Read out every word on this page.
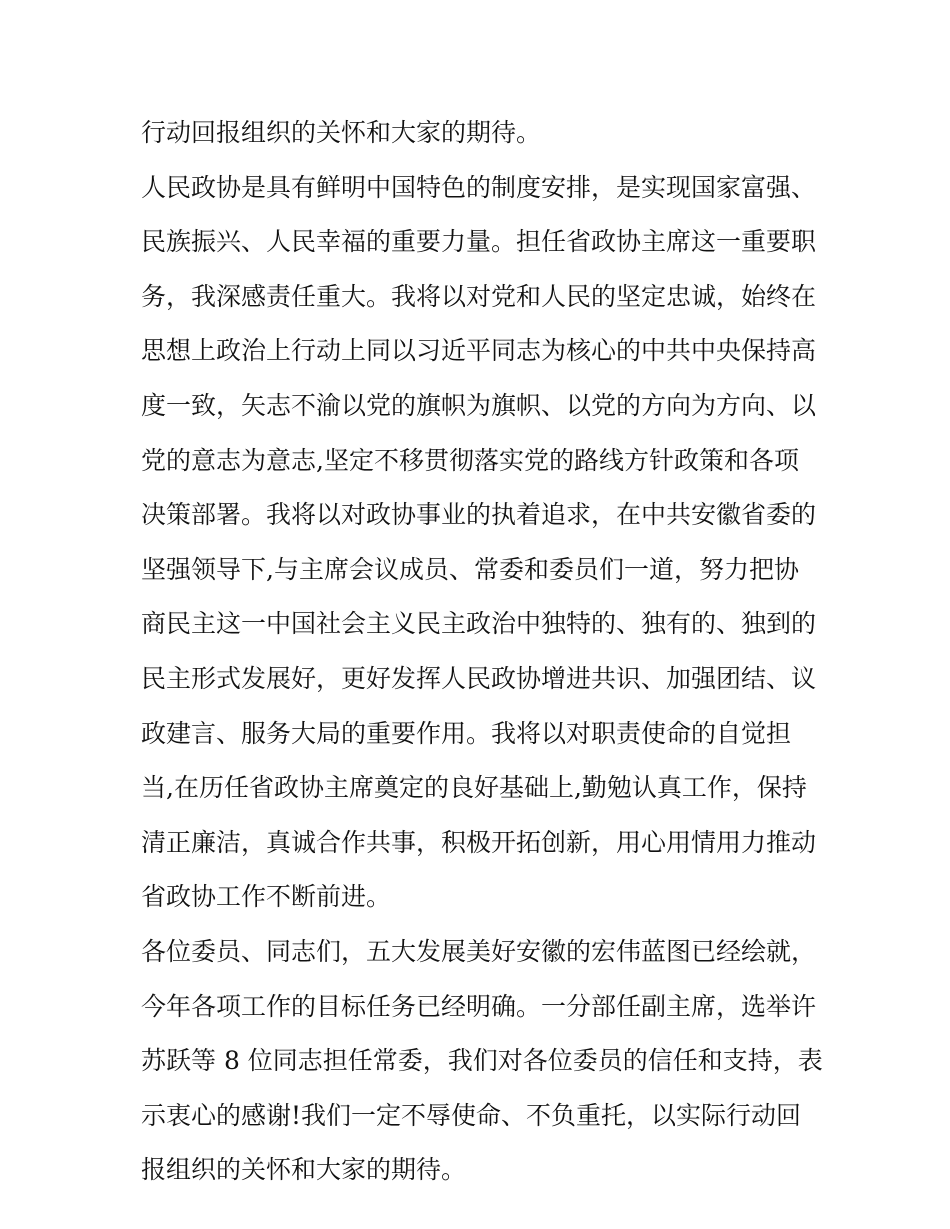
行动回报组织的关怀和大家的期待。
人民政协是具有鲜明中国特色的制度安排，是实现国家富强、
民族振兴、人民幸福的重要力量。担任省政协主席这一重要职
务，我深感责任重大。我将以对党和人民的坚定忠诚，始终在
思想上政治上行动上同以习近平同志为核心的中共中央保持高
度一致，矢志不渝以党的旗帜为旗帜、以党的方向为方向、以
党的意志为意志,坚定不移贯彻落实党的路线方针政策和各项
决策部署。我将以对政协事业的执着追求，在中共安徽省委的
坚强领导下,与主席会议成员、常委和委员们一道，努力把协
商民主这一中国社会主义民主政治中独特的、独有的、独到的
民主形式发展好，更好发挥人民政协增进共识、加强团结、议
政建言、服务大局的重要作用。我将以对职责使命的自觉担
当,在历任省政协主席奠定的良好基础上,勤勉认真工作，保持
清正廉洁，真诚合作共事，积极开拓创新，用心用情用力推动
省政协工作不断前进。
各位委员、同志们，五大发展美好安徽的宏伟蓝图已经绘就，
今年各项工作的目标任务已经明确。一分部任副主席，选举许
苏跃等 8 位同志担任常委，我们对各位委员的信任和支持，表
示衷心的感谢!我们一定不辱使命、不负重托，以实际行动回
报组织的关怀和大家的期待。
